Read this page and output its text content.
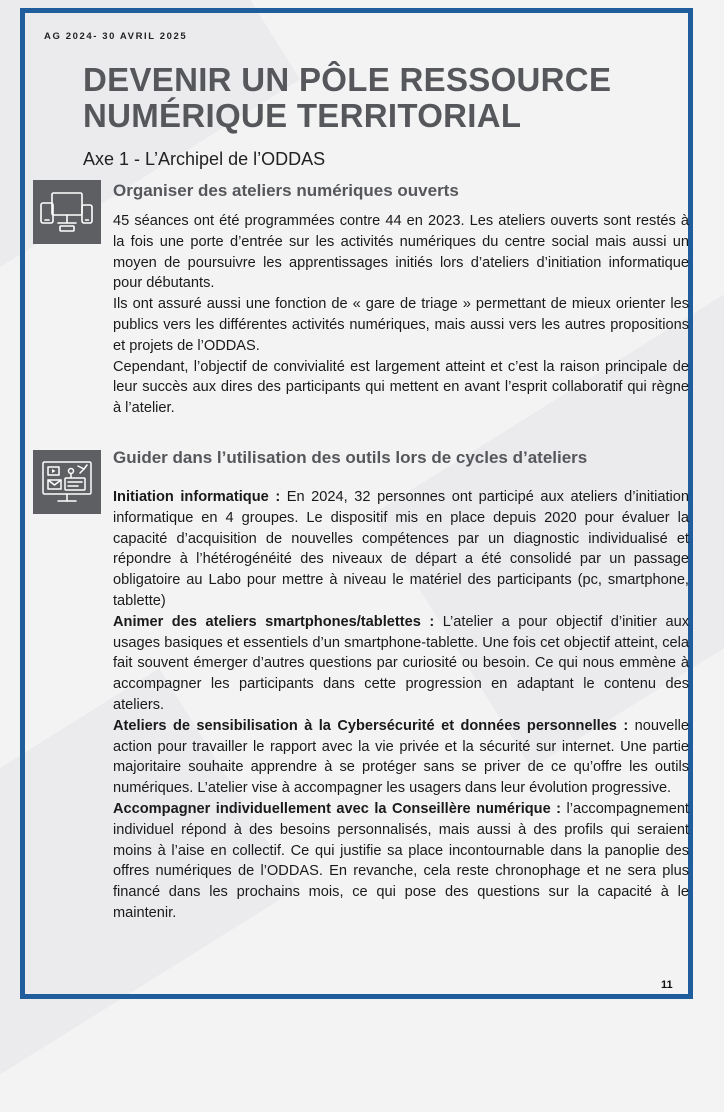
AG 2024- 30 AVRIL 2025
DEVENIR UN PÔLE RESSOURCE
NUMÉRIQUE TERRITORIAL
Axe 1 - L’Archipel de l’ODDAS
Organiser des ateliers numériques ouverts

45 séances ont été programmées contre 44 en 2023. Les ateliers ouverts sont restés à la fois une porte d’entrée sur les activités numériques du centre social mais aussi un moyen de poursuivre les apprentissages initiés lors d’ateliers d’initiation informatique pour débutants.

Ils ont assuré aussi une fonction de « gare de triage » permettant de mieux orienter les publics vers les différentes activités numériques, mais aussi vers les autres propositions et projets de l’ODDAS.

Cependant, l’objectif de convivialité est largement atteint et c’est la raison principale de leur succès aux dires des participants qui mettent en avant l’esprit collaboratif qui règne à l’atelier.

Guider dans l’utilisation des outils lors de cycles d’ateliers

Initiation informatique : En 2024, 32 personnes ont participé aux ateliers d’initiation informatique en 4 groupes. Le dispositif mis en place depuis 2020 pour évaluer la capacité d’acquisition de nouvelles compétences par un diagnostic individualisé et répondre à l’hétérogénéité des niveaux de départ a été consolidé par un passage obligatoire au Labo pour mettre à niveau le matériel des participants (pc, smartphone, tablette)

Animer des ateliers smartphones/tablettes : L’atelier a pour objectif d’initier aux usages basiques et essentiels d’un smartphone-tablette. Une fois cet objectif atteint, cela fait souvent émerger d’autres questions par curiosité ou besoin. Ce qui nous emmène à accompagner les participants dans cette progression en adaptant le contenu des ateliers.

Ateliers de sensibilisation à la Cybersécurité et données personnelles : nouvelle action pour travailler le rapport avec la vie privée et la sécurité sur internet. Une partie majoritaire souhaite apprendre à se protéger sans se priver de ce qu’offre les outils numériques. L’atelier vise à accompagner les usagers dans leur évolution progressive.

Accompagner individuellement avec la Conseillère numérique : l’accompagnement individuel répond à des besoins personnalisés, mais aussi à des profils qui seraient moins à l’aise en collectif. Ce qui justifie sa place incontournable dans la panoplie des offres numériques de l’ODDAS. En revanche, cela reste chronophage et ne sera plus financé dans les prochains mois, ce qui pose des questions sur la capacité à le maintenir.

11
